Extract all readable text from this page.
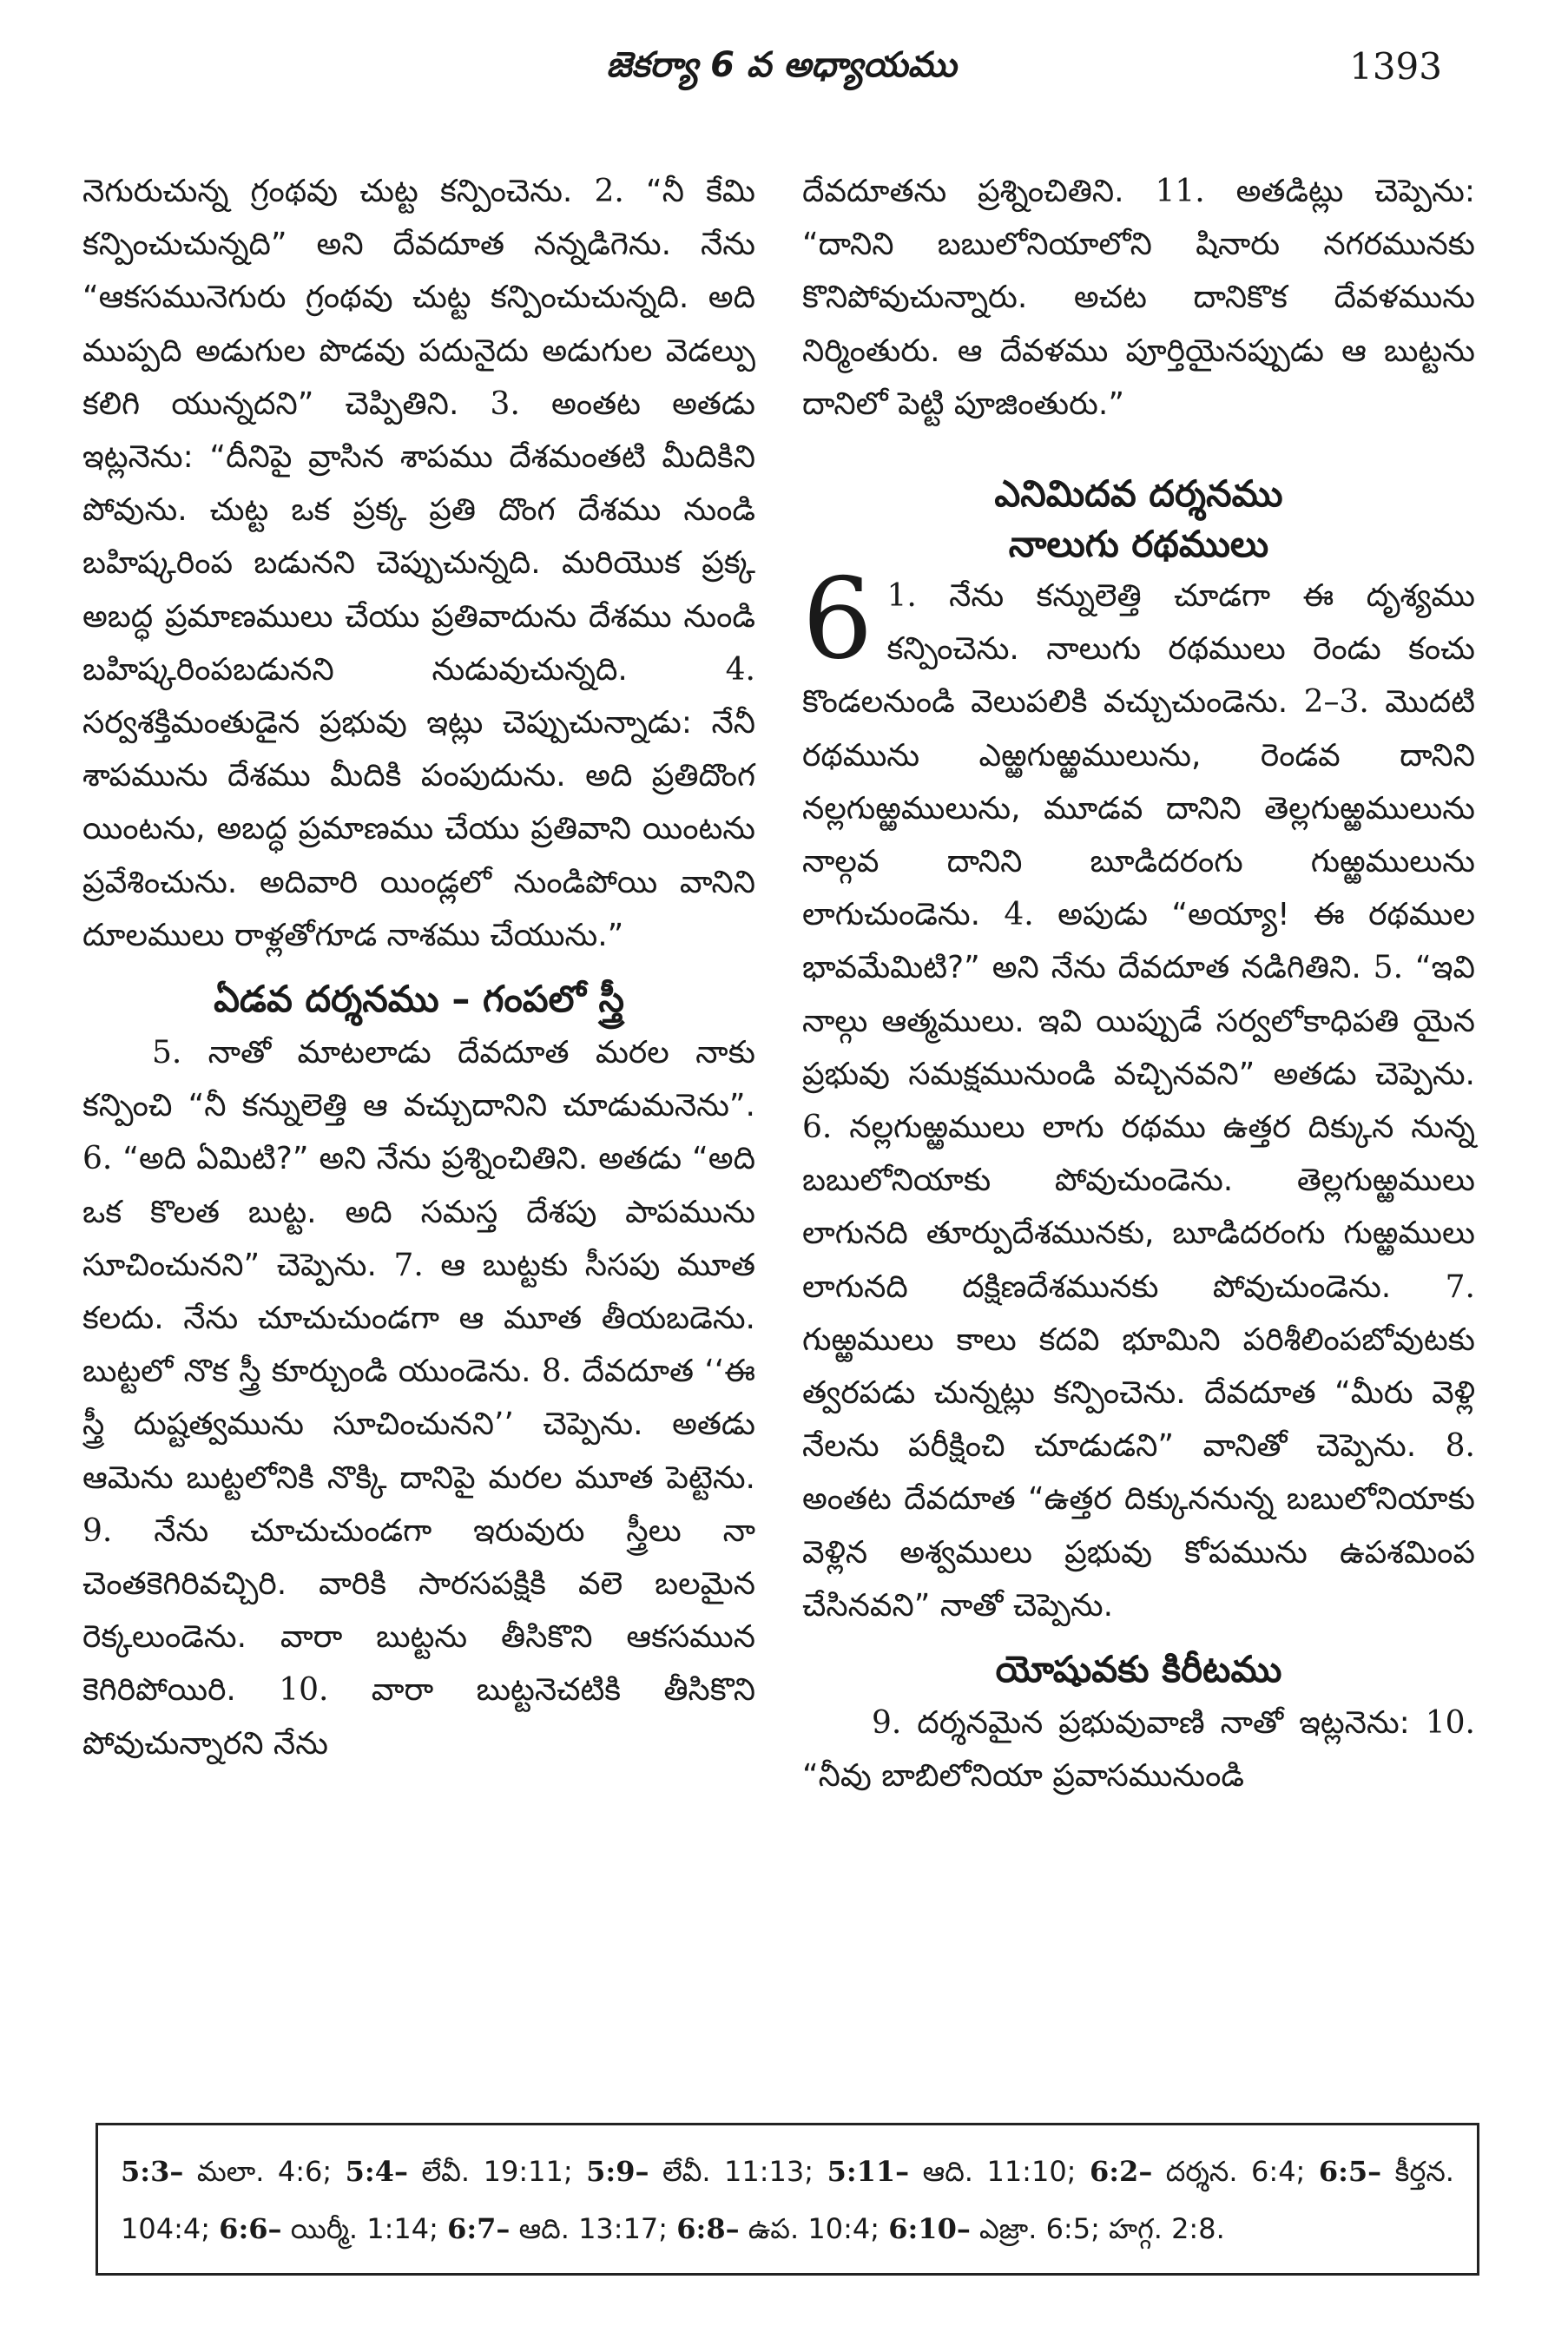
జెకర్యా 6 వ అధ్యాయము	1393

నెగురుచున్న గ్రంథవు చుట్ట కన్పించెను. 2. “నీ కేమి కన్పించుచున్నది” అని దేవదూత నన్నడిగెను. నేను “ఆకసమునెగురు గ్రంథవు చుట్ట కన్పించుచున్నది. అది ముప్పది అడుగుల పొడవు పదునైదు అడుగుల వెడల్పు కలిగి యున్నదని” చెప్పితిని. 3. అంతట అతడు ఇట్లనెను: “దీనిపై వ్రాసిన శాపము దేశమంతటి మీదికిని పోవును. చుట్ట ఒక ప్రక్క ప్రతి దొంగ దేశము నుండి బహిష్కరింప బడునని చెప్పుచున్నది. మరియొక ప్రక్క అబద్ధ ప్రమాణములు చేయు ప్రతివాదును దేశము నుండి బహిష్కరింపబడునని నుడువుచున్నది. 4. సర్వశక్తిమంతుడైన ప్రభువు ఇట్లు చెప్పుచున్నాడు: నేనీ శాపమును దేశము మీదికి పంపుదును. అది ప్రతిదొంగ యింటను, అబద్ధ ప్రమాణము చేయు ప్రతివాని యింటను ప్రవేశించును. అదివారి యిండ్లలో నుండిపోయి వానిని దూలములు రాళ్లతోగూడ నాశము చేయును.”

ఏడవ దర్శనము – గంపలో స్త్రీ

5. నాతో మాటలాడు దేవదూత మరల నాకు కన్పించి “నీ కన్నులెత్తి ఆ వచ్చుదానిని చూడుమనెను”. 6. “అది ఏమిటి?” అని నేను ప్రశ్నించితిని. అతడు “అది ఒక కొలత బుట్ట. అది సమస్త దేశపు పాపమును సూచించునని” చెప్పెను. 7. ఆ బుట్టకు సీసపు మూత కలదు. నేను చూచుచుండగా ఆ మూత తీయబడెను. బుట్టలో నొక స్త్రీ కూర్చుండి యుండెను. 8. దేవదూత ‘‘ఈ స్త్రీ దుష్టత్వమును సూచించునని’’ చెప్పెను. అతడు ఆమెను బుట్టలోనికి నొక్కి దానిపై మరల మూత పెట్టెను. 9. నేను చూచుచుండగా ఇరువురు స్త్రీలు నా చెంతకెగిరివచ్చిరి. వారికి సారసపక్షికి వలె బలమైన రెక్కలుండెను. వారా బుట్టను తీసికొని ఆకసమున కెగిరిపోయిరి. 10. వారా బుట్టనెచటికి తీసికొని పోవుచున్నారని నేను

దేవదూతను ప్రశ్నించితిని. 11. అతడిట్లు చెప్పెను: “దానిని బబులోనియాలోని షినారు నగరమునకు కొనిపోవుచున్నారు. అచట దానికొక దేవళమును నిర్మింతురు. ఆ దేవళము పూర్తియైనప్పుడు ఆ బుట్టను దానిలో పెట్టి పూజింతురు.”

ఎనిమిదవ దర్శనము
నాలుగు రథములు

6 1. నేను కన్నులెత్తి చూడగా ఈ దృశ్యము కన్పించెను. నాలుగు రథములు రెండు కంచు కొండలనుండి వెలుపలికి వచ్చుచుండెను. 2–3. మొదటి రథమును ఎఱ్ఱగుఱ్ఱములును, రెండవ దానిని నల్లగుఱ్ఱములును, మూడవ దానిని తెల్లగుఱ్ఱములును నాల్గవ దానిని బూడిదరంగు గుఱ్ఱములును లాగుచుండెను. 4. అపుడు “అయ్యా! ఈ రథముల భావమేమిటి?” అని నేను దేవదూత నడిగితిని. 5. “ఇవి నాల్గు ఆత్మములు. ఇవి యిప్పుడే సర్వలోకాధిపతి యైన ప్రభువు సమక్షమునుండి వచ్చినవని” అతడు చెప్పెను. 6. నల్లగుఱ్ఱములు లాగు రథము ఉత్తర దిక్కున నున్న బబులోనియాకు పోవుచుండెను. తెల్లగుఱ్ఱములు లాగునది తూర్పుదేశమునకు, బూడిదరంగు గుఱ్ఱములు లాగునది దక్షిణదేశమునకు పోవుచుండెను. 7. గుఱ్ఱములు కాలు కదవి భూమిని పరిశీలింపబోవుటకు త్వరపడు చున్నట్లు కన్పించెను. దేవదూత “మీరు వెళ్లి నేలను పరీక్షించి చూడుడని” వానితో చెప్పెను. 8. అంతట దేవదూత “ఉత్తర దిక్కుననున్న బబులోనియాకు వెళ్లిన అశ్వములు ప్రభువు కోపమును ఉపశమింప చేసినవని” నాతో చెప్పెను.

యోషువకు కిరీటము

9. దర్శనమైన ప్రభువువాణి నాతో ఇట్లనెను: 10. “నీవు బాబిలోనియా ప్రవాసమునుండి

5:3– మలా. 4:6; 5:4– లేవీ. 19:11; 5:9– లేవీ. 11:13; 5:11– ఆది. 11:10; 6:2– దర్శన. 6:4; 6:5– కీర్తన. 104:4; 6:6– యిర్మీ. 1:14; 6:7– ఆది. 13:17; 6:8– ఉప. 10:4; 6:10– ఎజ్రా. 6:5; హగ్గ. 2:8.
